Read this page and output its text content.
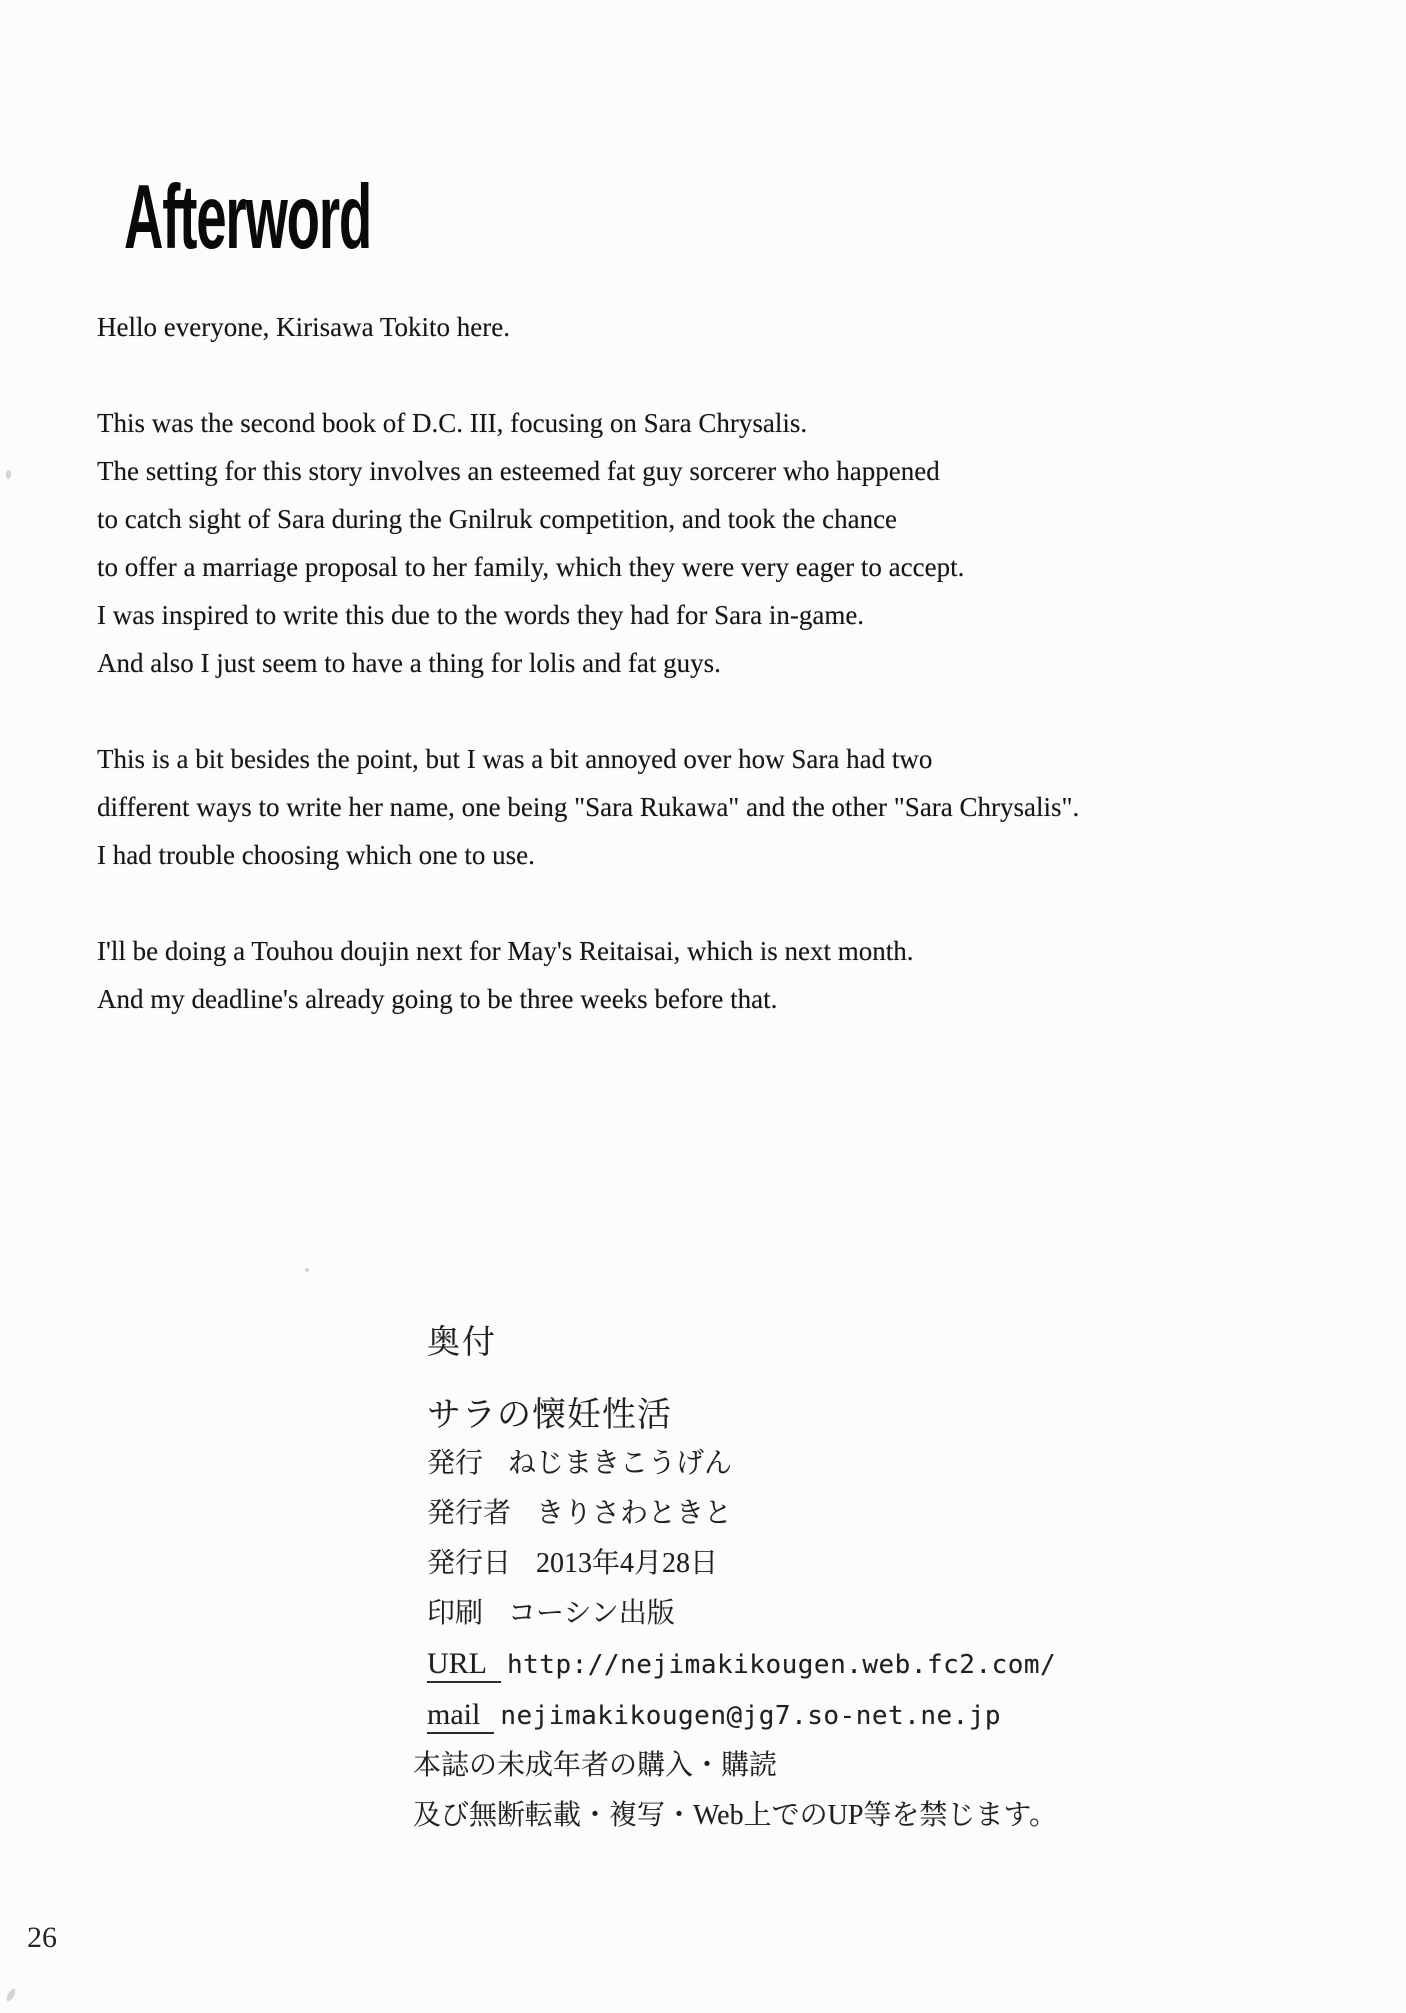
Afterword

Hello everyone, Kirisawa Tokito here.

This was the second book of D.C. III, focusing on Sara Chrysalis.
The setting for this story involves an esteemed fat guy sorcerer who happened
to catch sight of Sara during the Gnilruk competition, and took the chance
to offer a marriage proposal to her family, which they were very eager to accept.
I was inspired to write this due to the words they had for Sara in-game.
And also I just seem to have a thing for lolis and fat guys.

This is a bit besides the point, but I was a bit annoyed over how Sara had two
different ways to write her name, one being "Sara Rukawa" and the other "Sara Chrysalis".
I had trouble choosing which one to use.

I'll be doing a Touhou doujin next for May's Reitaisai, which is next month.
And my deadline's already going to be three weeks before that.

奥付
サラの懐妊性活
発行 ねじまきこうげん
発行者 きりさわときと
発行日 2013年4月28日
印刷 コーシン出版
URL http://nejimakikougen.web.fc2.com/
mail nejimakikougen@jg7.so-net.ne.jp
本誌の未成年者の購入・購読
及び無断転載・複写・Web上でのUP等を禁じます。
26
